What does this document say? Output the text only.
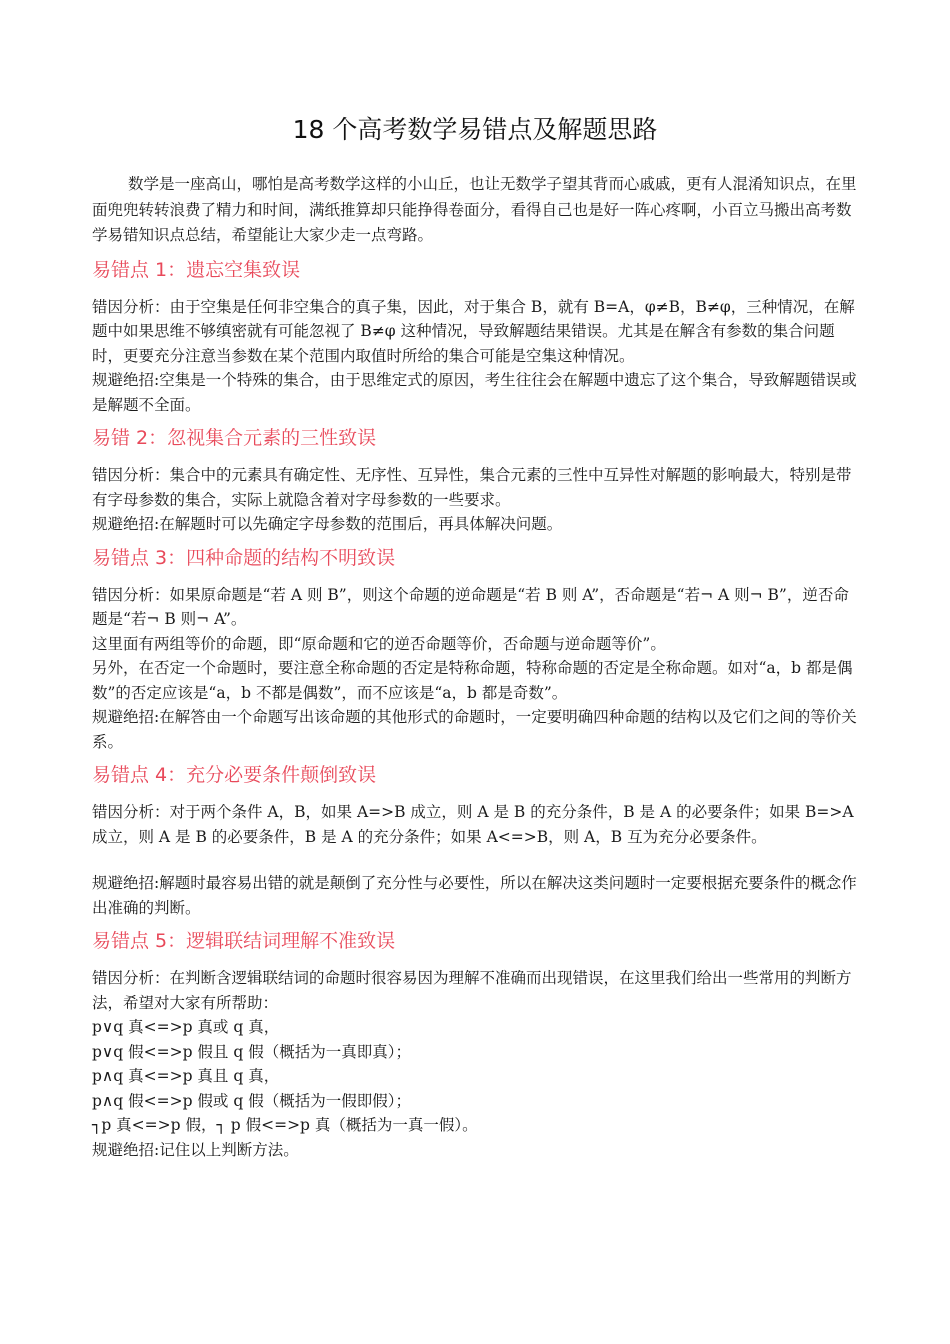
18 个高考数学易错点及解题思路

数学是一座高山，哪怕是高考数学这样的小山丘，也让无数学子望其背而心戚戚，更有人混淆知识点，在里面兜兜转转浪费了精力和时间，满纸推算却只能挣得卷面分，看得自己也是好一阵心疼啊，小百立马搬出高考数学易错知识点总结，希望能让大家少走一点弯路。

易错点 1：遗忘空集致误

错因分析：由于空集是任何非空集合的真子集，因此，对于集合 B，就有 B=A，φ≠B，B≠φ，三种情况，在解题中如果思维不够缜密就有可能忽视了 B≠φ 这种情况，导致解题结果错误。尤其是在解含有参数的集合问题时，更要充分注意当参数在某个范围内取值时所给的集合可能是空集这种情况。

规避绝招:空集是一个特殊的集合，由于思维定式的原因，考生往往会在解题中遗忘了这个集合，导致解题错误或是解题不全面。

易错 2：忽视集合元素的三性致误

错因分析：集合中的元素具有确定性、无序性、互异性，集合元素的三性中互异性对解题的影响最大，特别是带有字母参数的集合，实际上就隐含着对字母参数的一些要求。

规避绝招:在解题时可以先确定字母参数的范围后，再具体解决问题。

易错点 3：四种命题的结构不明致误

错因分析：如果原命题是“若 A 则 B”，则这个命题的逆命题是“若 B 则 A”，否命题是“若¬ A 则¬ B”，逆否命题是“若¬ B 则¬ A”。

这里面有两组等价的命题，即“原命题和它的逆否命题等价，否命题与逆命题等价”。

另外，在否定一个命题时，要注意全称命题的否定是特称命题，特称命题的否定是全称命题。如对“a，b 都是偶数”的否定应该是“a，b 不都是偶数”，而不应该是“a，b 都是奇数”。

规避绝招:在解答由一个命题写出该命题的其他形式的命题时，一定要明确四种命题的结构以及它们之间的等价关系。

易错点 4：充分必要条件颠倒致误

错因分析：对于两个条件 A，B，如果 A=>B 成立，则 A 是 B 的充分条件，B 是 A 的必要条件；如果 B=>A 成立，则 A 是 B 的必要条件，B 是 A 的充分条件；如果 A<=>B，则 A，B 互为充分必要条件。

规避绝招:解题时最容易出错的就是颠倒了充分性与必要性，所以在解决这类问题时一定要根据充要条件的概念作出准确的判断。

易错点 5：逻辑联结词理解不准致误

错因分析：在判断含逻辑联结词的命题时很容易因为理解不准确而出现错误，在这里我们给出一些常用的判断方法，希望对大家有所帮助：

p∨q 真<=>p 真或 q 真，

p∨q 假<=>p 假且 q 假（概括为一真即真）；

p∧q 真<=>p 真且 q 真，

p∧q 假<=>p 假或 q 假（概括为一假即假）；

┐p 真<=>p 假，┐ p 假<=>p 真（概括为一真一假）。

规避绝招:记住以上判断方法。
